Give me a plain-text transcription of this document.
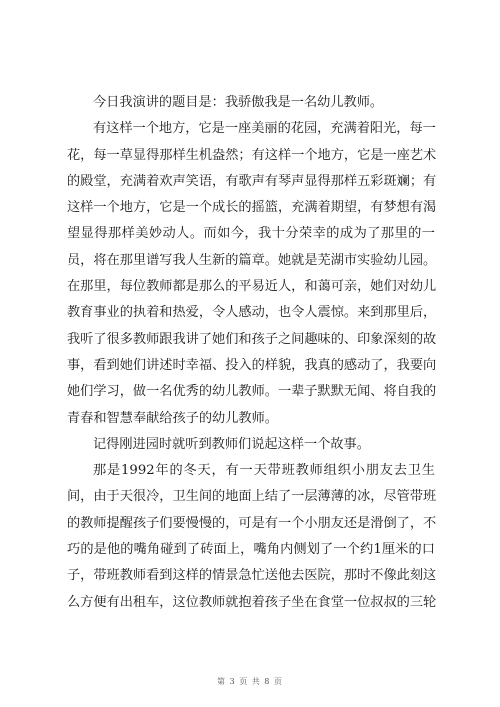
今日我演讲的题目是：我骄傲我是一名幼儿教师。
有这样一个地方，它是一座美丽的花园，充满着阳光，每一
花，每一草显得那样生机盎然；有这样一个地方，它是一座艺术
的殿堂，充满着欢声笑语，有歌声有琴声显得那样五彩斑斓；有
这样一个地方，它是一个成长的摇篮，充满着期望，有梦想有渴
望显得那样美妙动人。而如今，我十分荣幸的成为了那里的一
员，将在那里谱写我人生新的篇章。她就是芜湖市实验幼儿园。
在那里，每位教师都是那么的平易近人，和蔼可亲，她们对幼儿
教育事业的执着和热爱，令人感动，也令人震惊。来到那里后，
我听了很多教师跟我讲了她们和孩子之间趣味的、印象深刻的故
事，看到她们讲述时幸福、投入的样貌，我真的感动了，我要向
她们学习，做一名优秀的幼儿教师。一辈子默默无闻、将自我的
青春和智慧奉献给孩子的幼儿教师。
记得刚进园时就听到教师们说起这样一个故事。
那是1992年的冬天，有一天带班教师组织小朋友去卫生
间，由于天很冷，卫生间的地面上结了一层薄薄的冰，尽管带班
的教师提醒孩子们要慢慢的，可是有一个小朋友还是滑倒了，不
巧的是他的嘴角碰到了砖面上，嘴角内侧划了一个约1厘米的口
子，带班教师看到这样的情景急忙送他去医院，那时不像此刻这
么方便有出租车，这位教师就抱着孩子坐在食堂一位叔叔的三轮
第 3 页 共 8 页
